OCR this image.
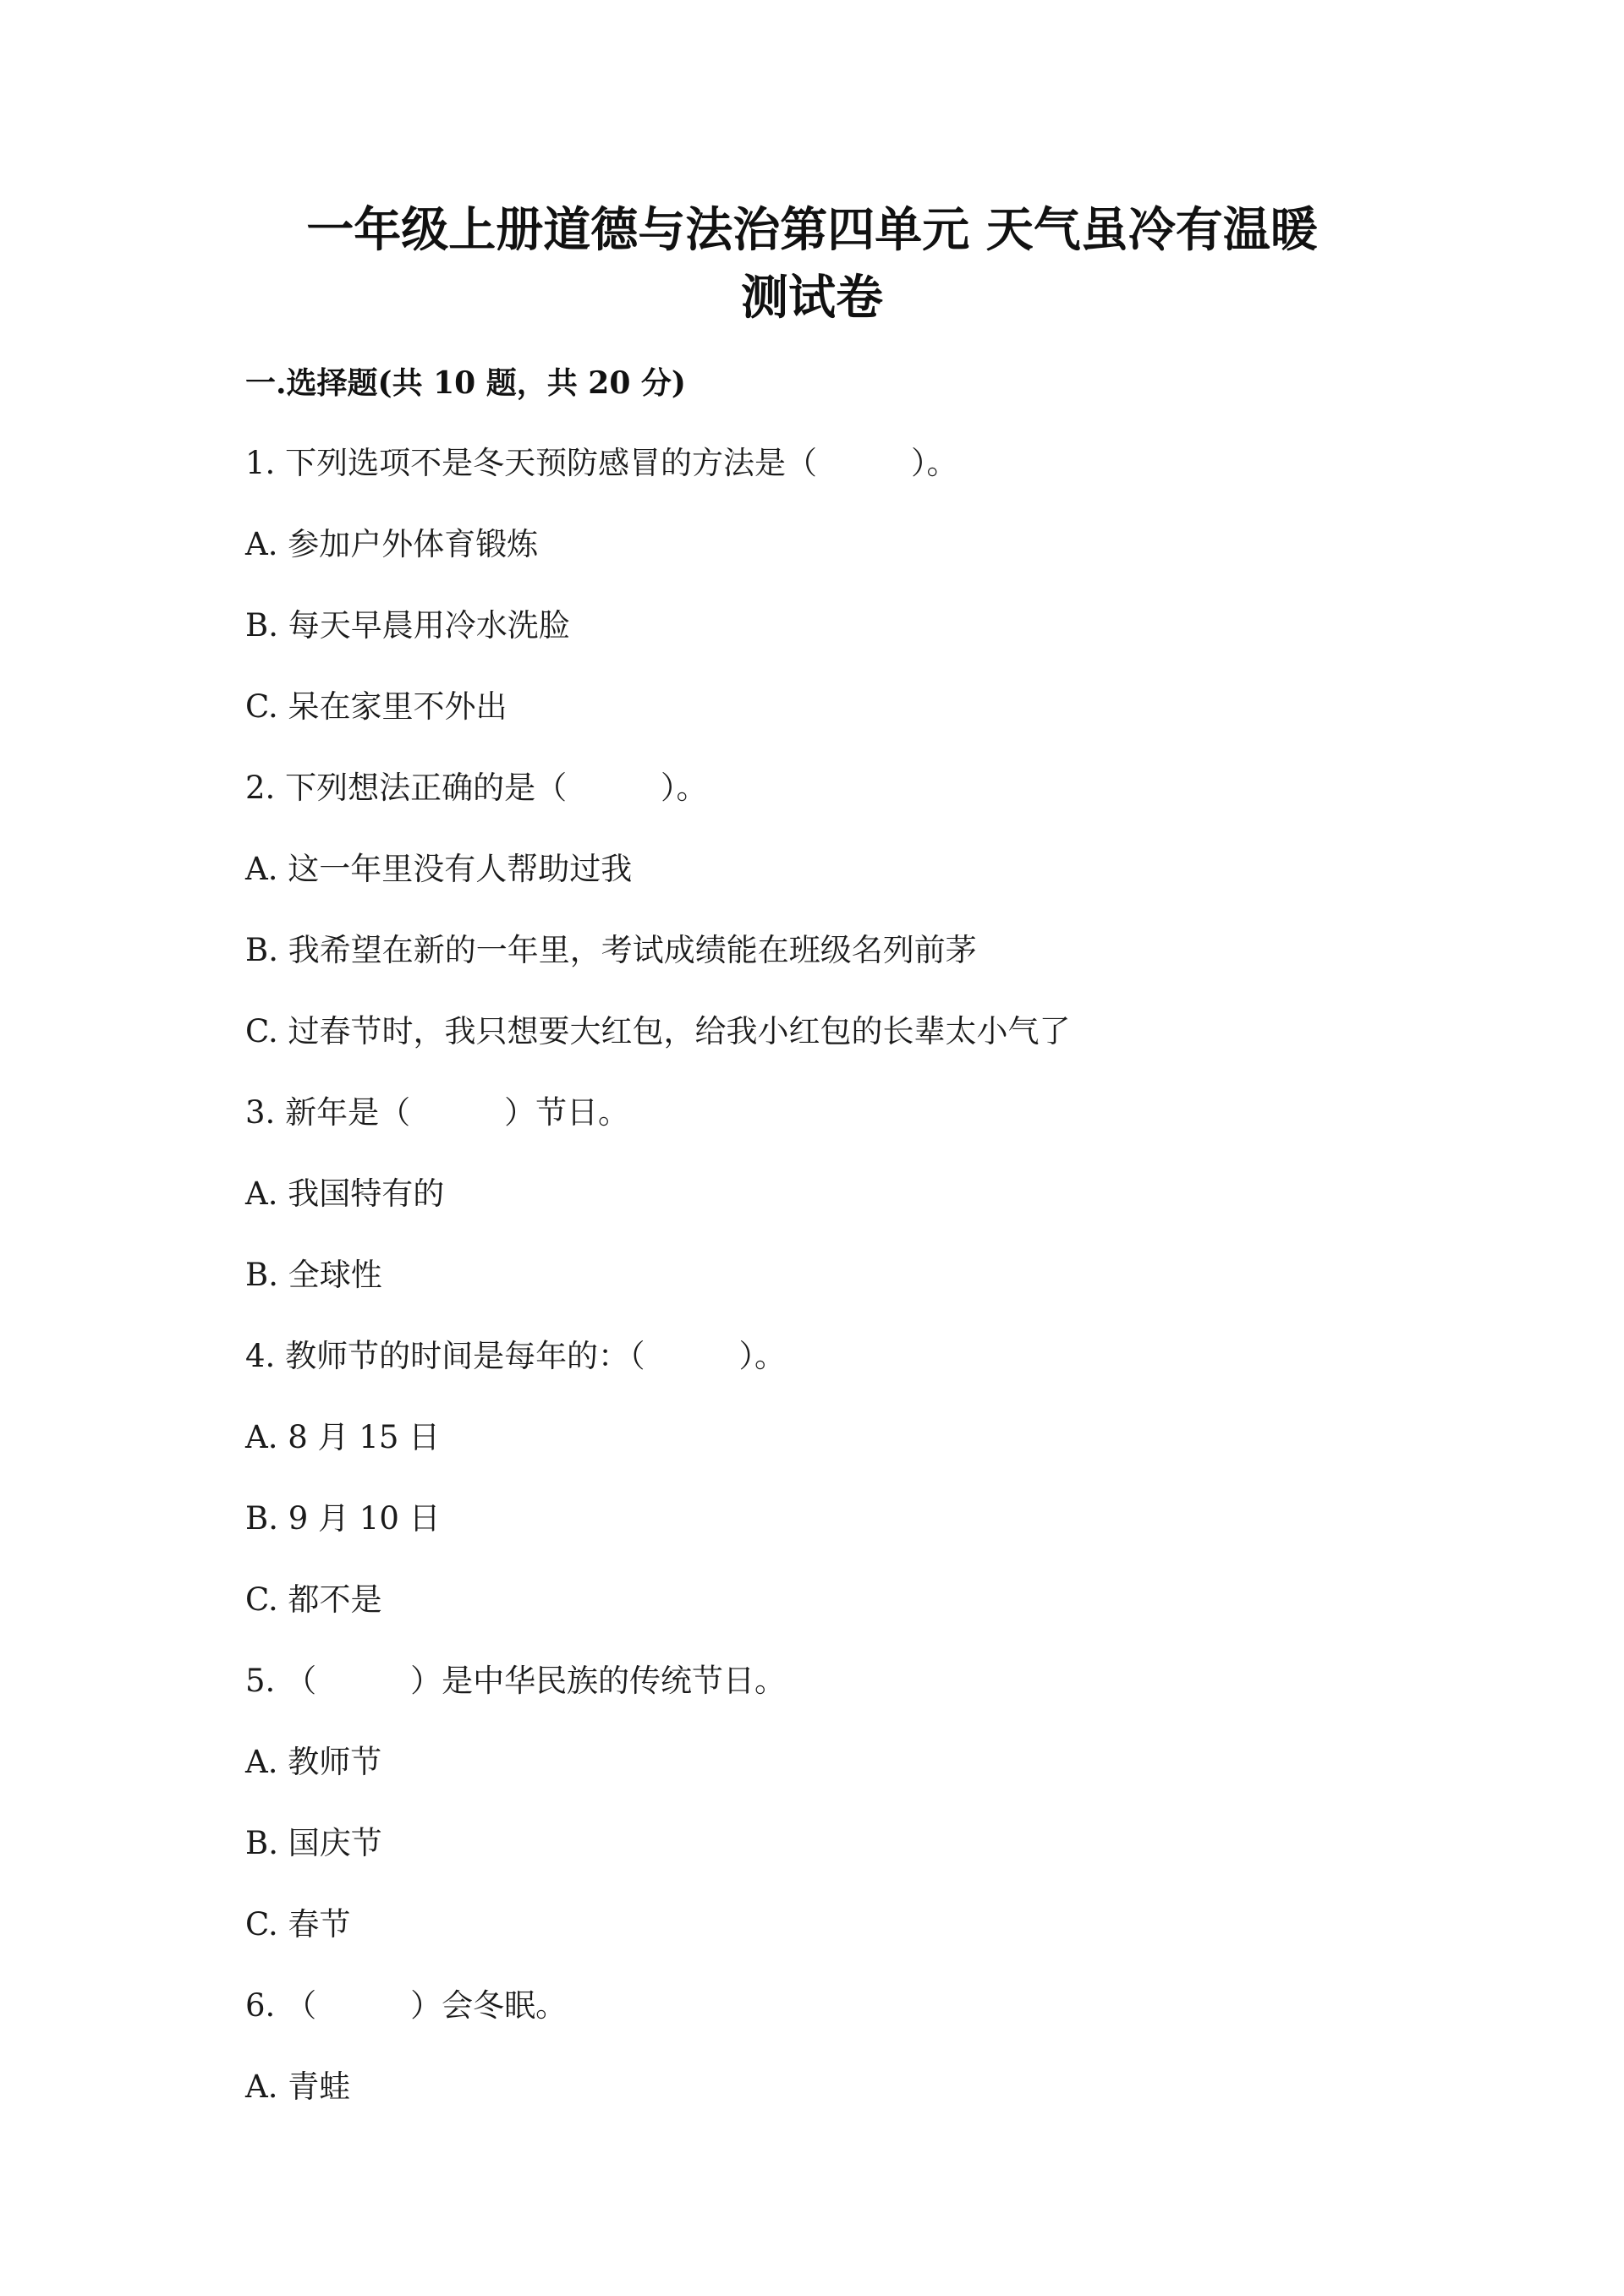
一年级上册道德与法治第四单元 天气虽冷有温暖
测试卷
一.选择题(共 10 题，共 20 分)
1. 下列选项不是冬天预防感冒的方法是（　　　）。
A. 参加户外体育锻炼
B. 每天早晨用冷水洗脸
C. 呆在家里不外出
2. 下列想法正确的是（　　　）。
A. 这一年里没有人帮助过我
B. 我希望在新的一年里，考试成绩能在班级名列前茅
C. 过春节时，我只想要大红包，给我小红包的长辈太小气了
3. 新年是（　　　）节日。
A. 我国特有的
B. 全球性
4. 教师节的时间是每年的：（　　　）。
A. 8 月 15 日
B. 9 月 10 日
C. 都不是
5. （　　　）是中华民族的传统节日。
A. 教师节
B. 国庆节
C. 春节
6. （　　　）会冬眠。
A. 青蛙
